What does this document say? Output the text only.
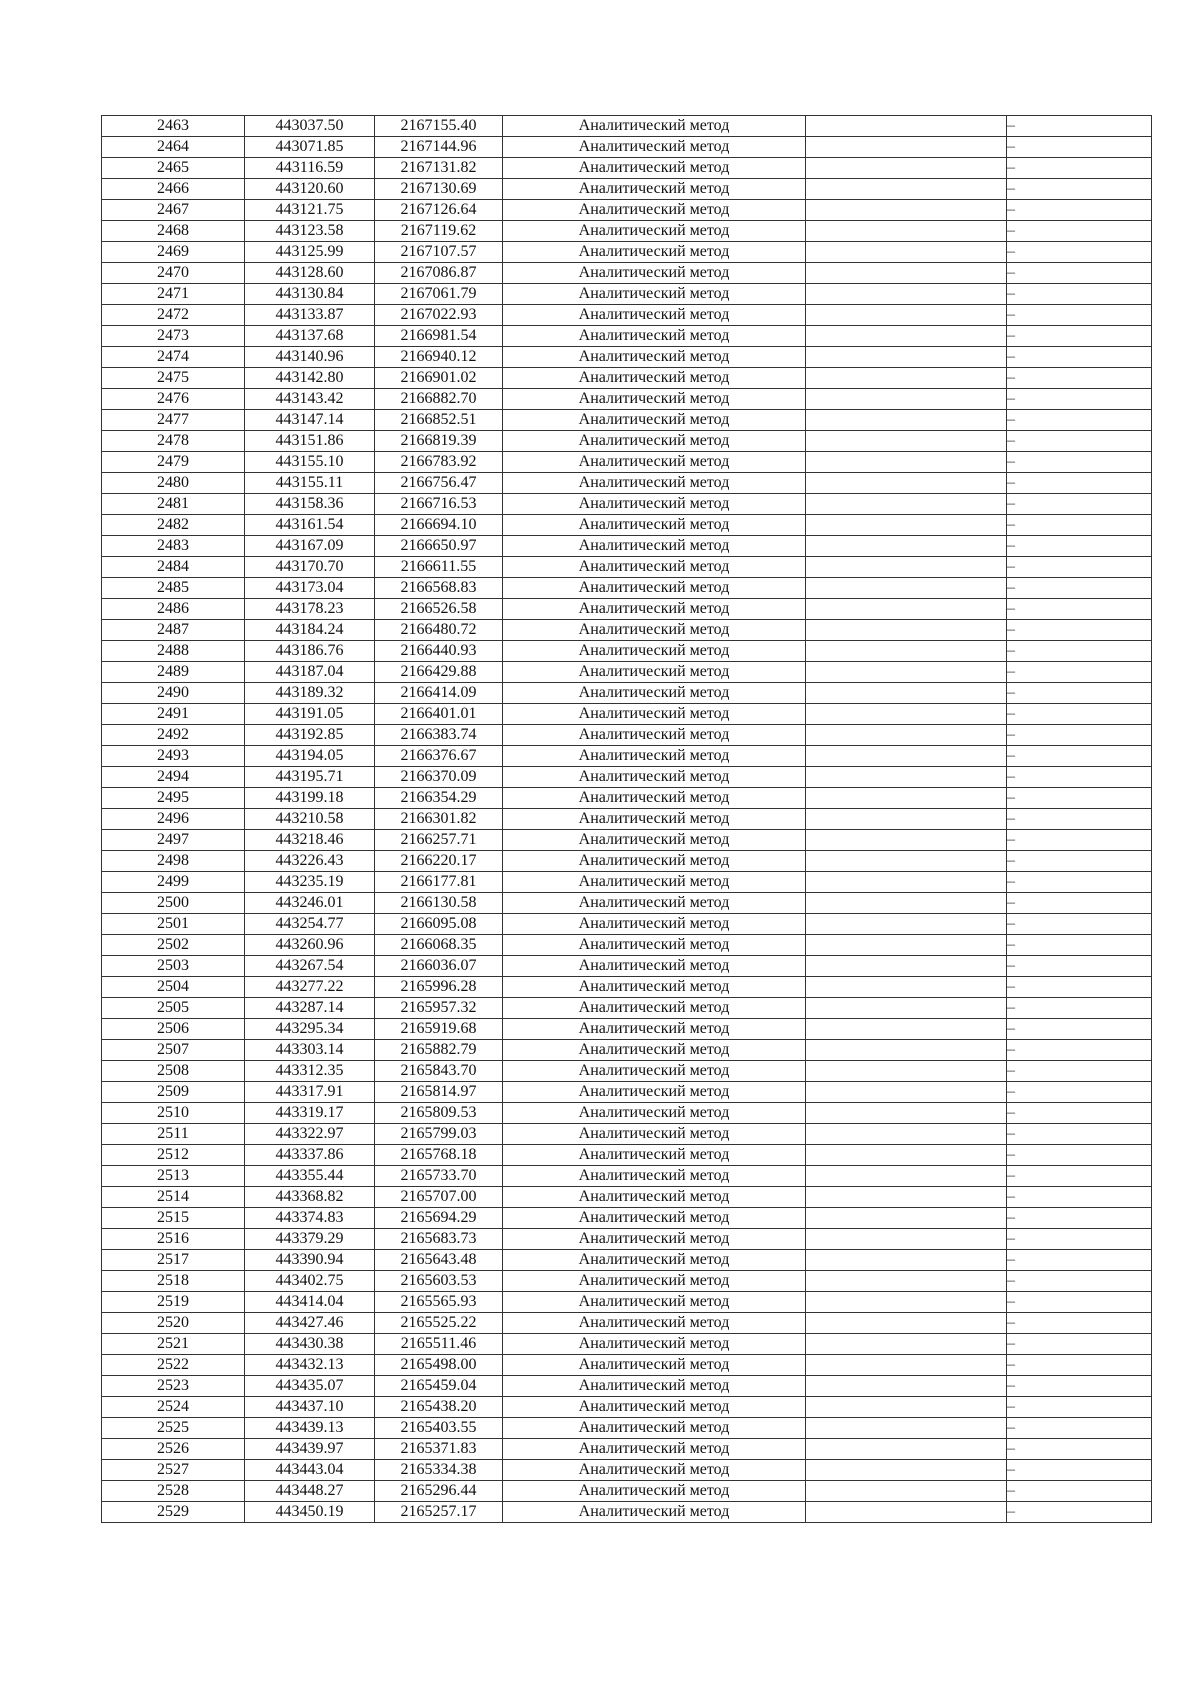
2463	443037.50	2167155.40	Аналитический метод		–
2464	443071.85	2167144.96	Аналитический метод		–
2465	443116.59	2167131.82	Аналитический метод		–
2466	443120.60	2167130.69	Аналитический метод		–
2467	443121.75	2167126.64	Аналитический метод		–
2468	443123.58	2167119.62	Аналитический метод		–
2469	443125.99	2167107.57	Аналитический метод		–
2470	443128.60	2167086.87	Аналитический метод		–
2471	443130.84	2167061.79	Аналитический метод		–
2472	443133.87	2167022.93	Аналитический метод		–
2473	443137.68	2166981.54	Аналитический метод		–
2474	443140.96	2166940.12	Аналитический метод		–
2475	443142.80	2166901.02	Аналитический метод		–
2476	443143.42	2166882.70	Аналитический метод		–
2477	443147.14	2166852.51	Аналитический метод		–
2478	443151.86	2166819.39	Аналитический метод		–
2479	443155.10	2166783.92	Аналитический метод		–
2480	443155.11	2166756.47	Аналитический метод		–
2481	443158.36	2166716.53	Аналитический метод		–
2482	443161.54	2166694.10	Аналитический метод		–
2483	443167.09	2166650.97	Аналитический метод		–
2484	443170.70	2166611.55	Аналитический метод		–
2485	443173.04	2166568.83	Аналитический метод		–
2486	443178.23	2166526.58	Аналитический метод		–
2487	443184.24	2166480.72	Аналитический метод		–
2488	443186.76	2166440.93	Аналитический метод		–
2489	443187.04	2166429.88	Аналитический метод		–
2490	443189.32	2166414.09	Аналитический метод		–
2491	443191.05	2166401.01	Аналитический метод		–
2492	443192.85	2166383.74	Аналитический метод		–
2493	443194.05	2166376.67	Аналитический метод		–
2494	443195.71	2166370.09	Аналитический метод		–
2495	443199.18	2166354.29	Аналитический метод		–
2496	443210.58	2166301.82	Аналитический метод		–
2497	443218.46	2166257.71	Аналитический метод		–
2498	443226.43	2166220.17	Аналитический метод		–
2499	443235.19	2166177.81	Аналитический метод		–
2500	443246.01	2166130.58	Аналитический метод		–
2501	443254.77	2166095.08	Аналитический метод		–
2502	443260.96	2166068.35	Аналитический метод		–
2503	443267.54	2166036.07	Аналитический метод		–
2504	443277.22	2165996.28	Аналитический метод		–
2505	443287.14	2165957.32	Аналитический метод		–
2506	443295.34	2165919.68	Аналитический метод		–
2507	443303.14	2165882.79	Аналитический метод		–
2508	443312.35	2165843.70	Аналитический метод		–
2509	443317.91	2165814.97	Аналитический метод		–
2510	443319.17	2165809.53	Аналитический метод		–
2511	443322.97	2165799.03	Аналитический метод		–
2512	443337.86	2165768.18	Аналитический метод		–
2513	443355.44	2165733.70	Аналитический метод		–
2514	443368.82	2165707.00	Аналитический метод		–
2515	443374.83	2165694.29	Аналитический метод		–
2516	443379.29	2165683.73	Аналитический метод		–
2517	443390.94	2165643.48	Аналитический метод		–
2518	443402.75	2165603.53	Аналитический метод		–
2519	443414.04	2165565.93	Аналитический метод		–
2520	443427.46	2165525.22	Аналитический метод		–
2521	443430.38	2165511.46	Аналитический метод		–
2522	443432.13	2165498.00	Аналитический метод		–
2523	443435.07	2165459.04	Аналитический метод		–
2524	443437.10	2165438.20	Аналитический метод		–
2525	443439.13	2165403.55	Аналитический метод		–
2526	443439.97	2165371.83	Аналитический метод		–
2527	443443.04	2165334.38	Аналитический метод		–
2528	443448.27	2165296.44	Аналитический метод		–
2529	443450.19	2165257.17	Аналитический метод		–
